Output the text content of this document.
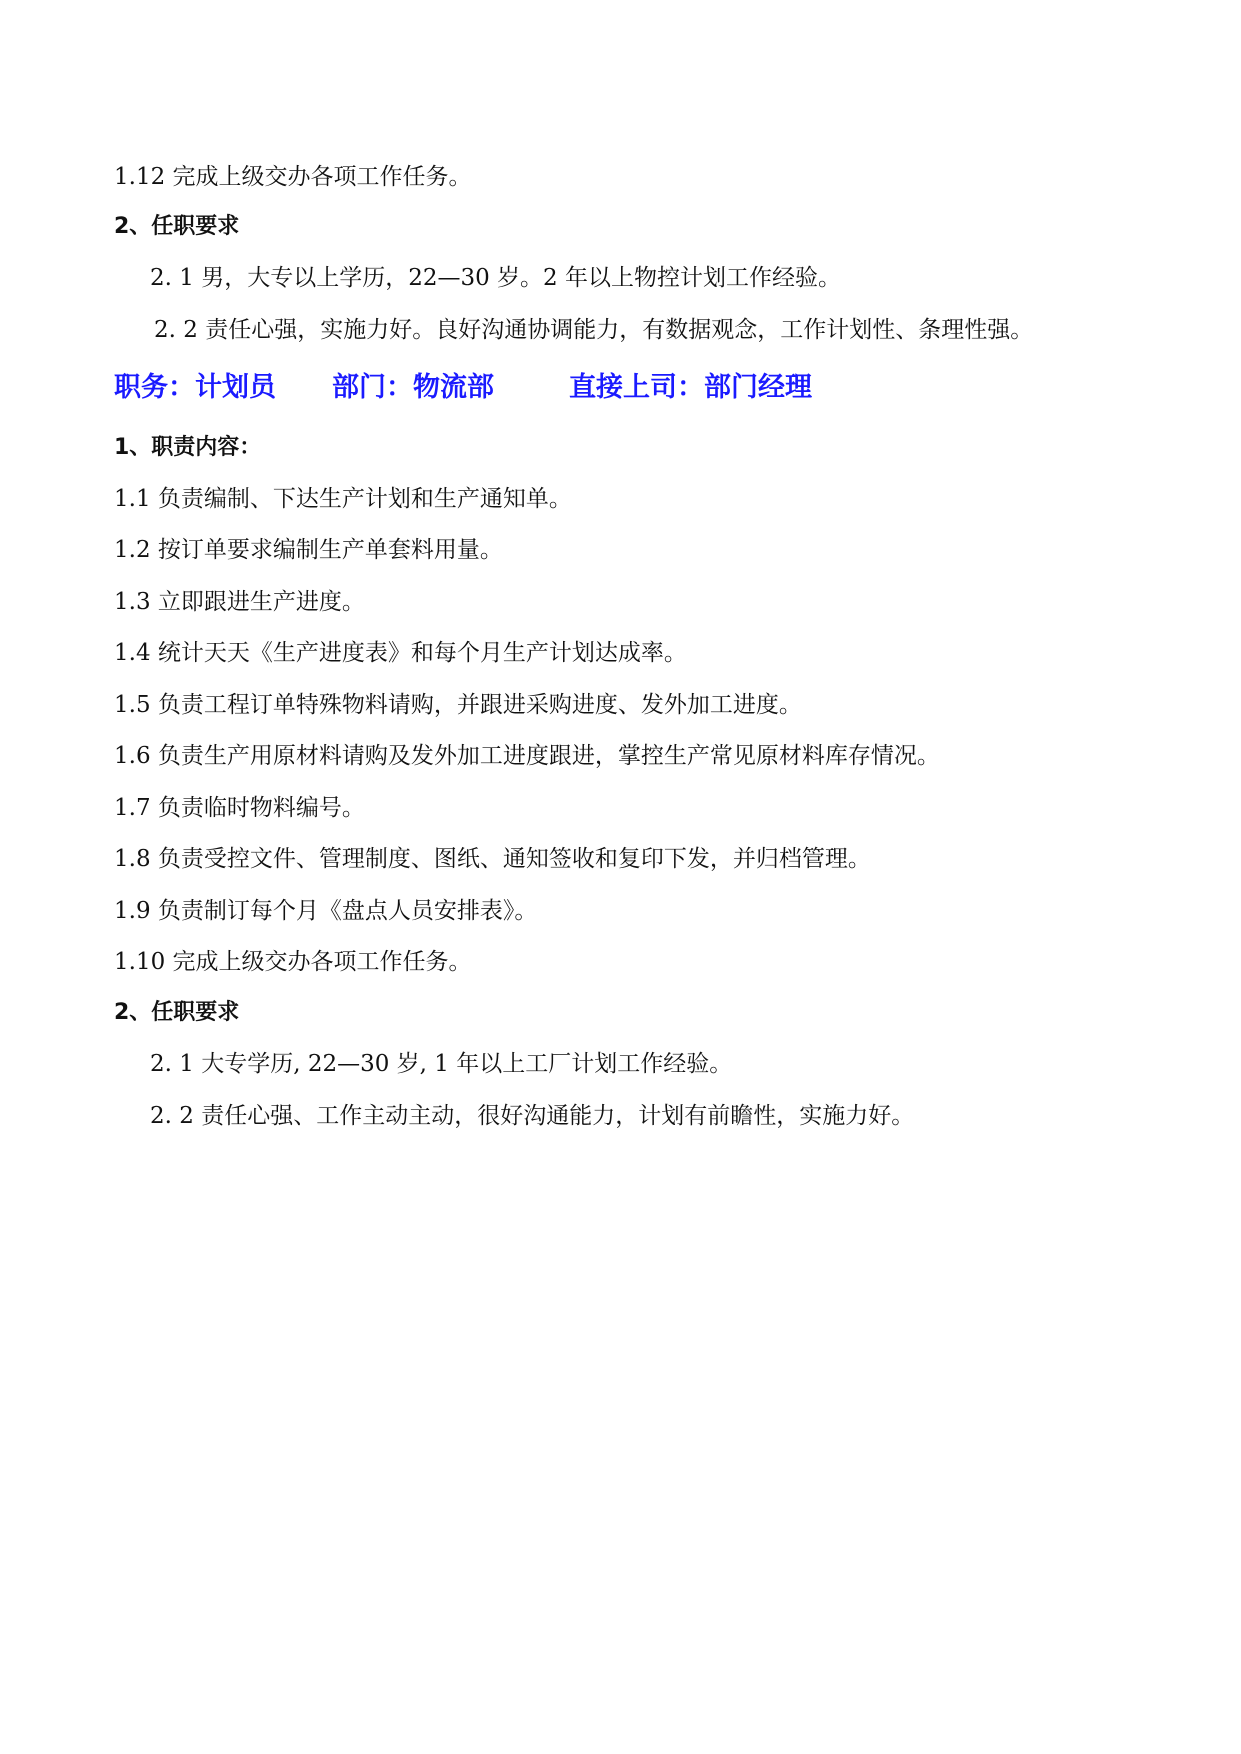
1.12 完成上级交办各项工作任务。
2、任职要求
2. 1 男，大专以上学历，22—30 岁。2 年以上物控计划工作经验。
2. 2 责任心强，实施力好。良好沟通协调能力，有数据观念，工作计划性、条理性强。
职务：计划员 部门：物流部	直接上司：部门经理
1、职责内容：
1.1 负责编制、下达生产计划和生产通知单。
1.2 按订单要求编制生产单套料用量。
1.3 立即跟进生产进度。
1.4 统计天天《生产进度表》和每个月生产计划达成率。
1.5 负责工程订单特殊物料请购，并跟进采购进度、发外加工进度。
1.6 负责生产用原材料请购及发外加工进度跟进，掌控生产常见原材料库存情况。
1.7 负责临时物料编号。
1.8 负责受控文件、管理制度、图纸、通知签收和复印下发，并归档管理。
1.9 负责制订每个月《盘点人员安排表》。
1.10 完成上级交办各项工作任务。
2、任职要求
2. 1 大专学历, 22—30 岁, 1 年以上工厂计划工作经验。
2. 2 责任心强、工作主动主动，很好沟通能力，计划有前瞻性，实施力好。
